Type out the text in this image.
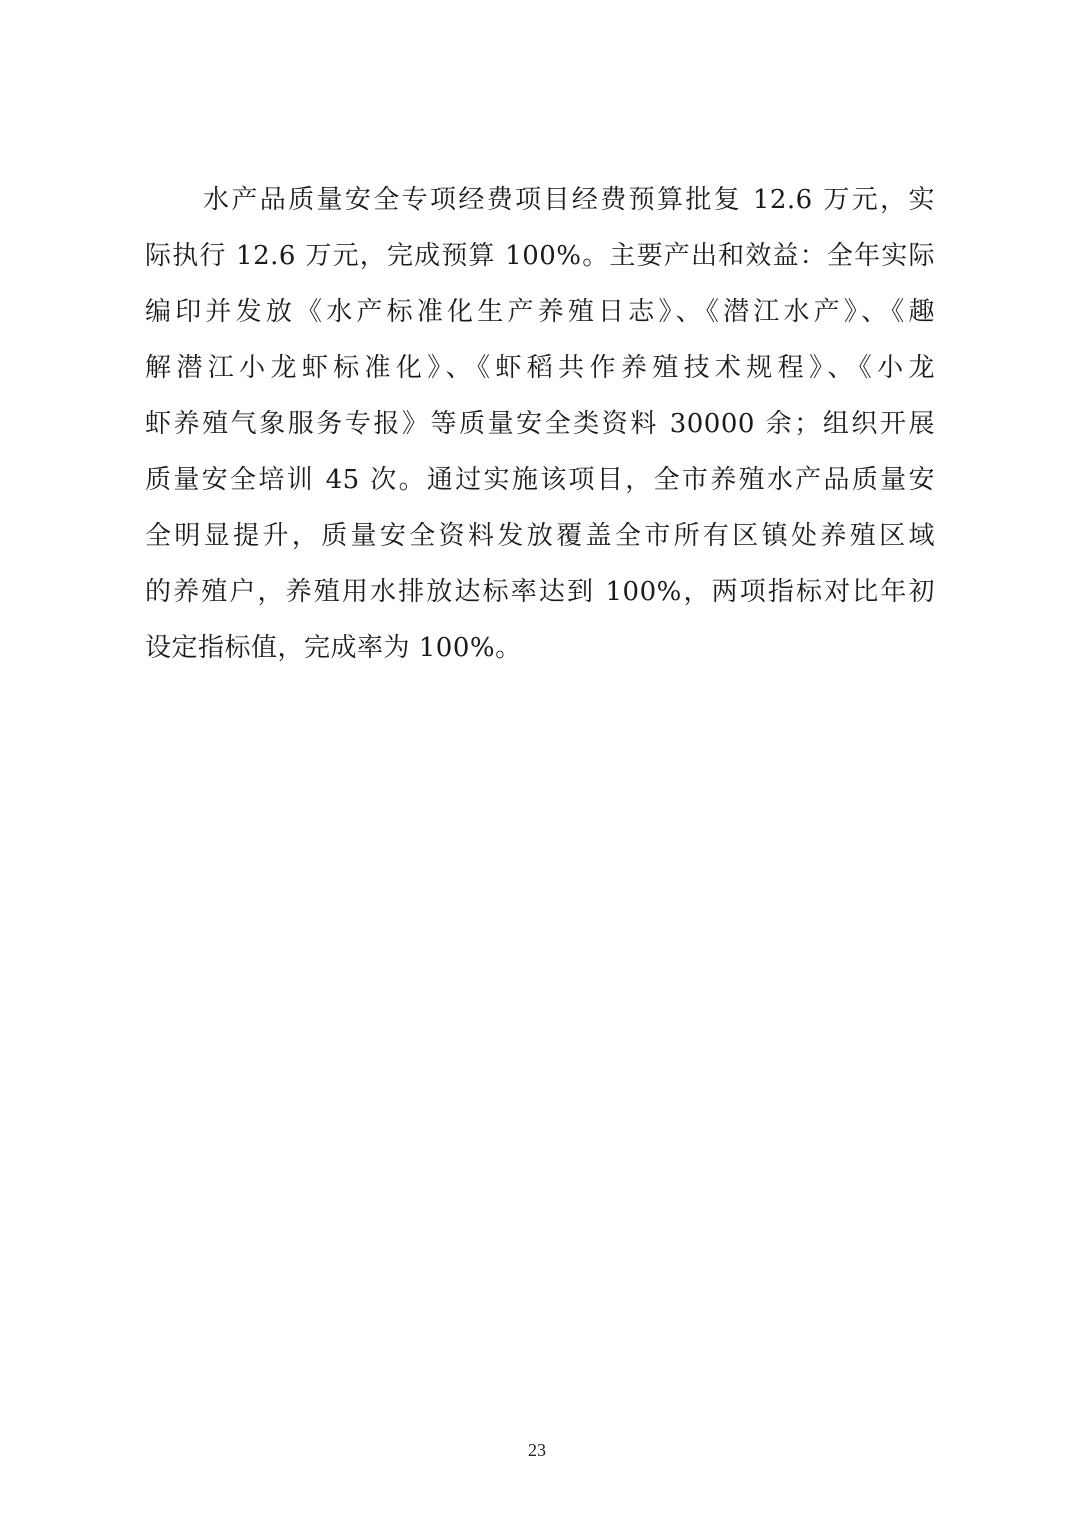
水产品质量安全专项经费项目经费预算批复 12.6 万元，实
际执行 12.6 万元，完成预算 100%。主要产出和效益：全年实际
编印并发放《水产标准化生产养殖日志》、《潜江水产》、《趣
解潜江小龙虾标准化》、《虾稻共作养殖技术规程》、《小龙
虾养殖气象服务专报》等质量安全类资料 30000 余；组织开展
质量安全培训 45 次。通过实施该项目，全市养殖水产品质量安
全明显提升，质量安全资料发放覆盖全市所有区镇处养殖区域
的养殖户，养殖用水排放达标率达到 100%，两项指标对比年初
设定指标值，完成率为 100%。
23
